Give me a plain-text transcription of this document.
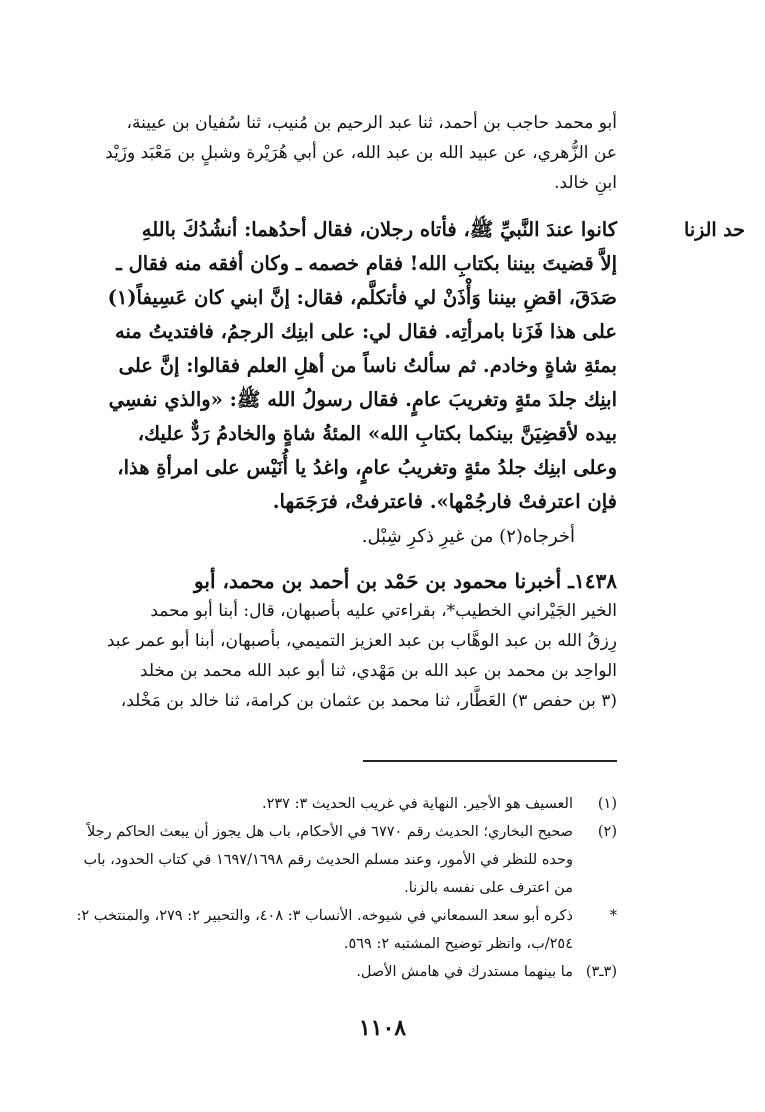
حد الزنا

أبو محمد حاجب بن أحمد، ثنا عبد الرحيم بن مُنيب، ثنا سُفيان بن عيينة،

عن الزُّهري، عن عبيد الله بن عبد الله، عن أبي هُرَيْرة وشبلٍ بن مَعْبَد وزَيْد

ابنِ خالد.

كانوا عندَ النَّبيِّ ﷺ، فأتاه رجلان، فقال أحدُهما: أنشُدُكَ باللهِ

إلاَّ قضيتَ بيننا بكتابِ الله! فقام خصمه ـ وكان أفقه منه فقال ـ

صَدَقَ، اقضِ بيننا وَأْذَنْ لي فأتكلَّم، فقال: إنَّ ابني كان عَسِيفاً(١)

على هذا فَزَنا بامرأتِه. فقال لي: على ابنِك الرجمُ، فافتديتُ منه

بمئةِ شاةٍ وخادم. ثم سألتُ ناساً من أهلِ العلم فقالوا: إنَّ على

ابنِك جلدَ مئةٍ وتغريبَ عامٍ. فقال رسولُ الله ﷺ: «والذي نفسِي

بيده لأقضِيَنَّ بينكما بكتابِ الله» المئةُ شاةٍ والخادمُ رَدٌّ عليك،

وعلى ابنِك جلدُ مئةٍ وتغريبُ عامٍ، واغدُ يا أُنَيْس على امرأةِ هذا،

فإن اعترفتْ فارجُمْها». فاعترفتْ، فرَجَمَها.

أخرجاه(٢) من غيرِ ذكرِ شِبْل.

١٤٣٨ـ أخبرنا محمود بن حَمْد بن أحمد بن محمد، أبو

الخير الجَيْراني الخطيب*، بقراءتي عليه بأصبهان، قال: أبنا أبو محمد

رِزقُ الله بن عبد الوهَّاب بن عبد العزيز التميمي، بأصبهان، أبنا أبو عمر عبد

الواحِد بن محمد بن عبد الله بن مَهْدي، ثنا أبو عبد الله محمد بن مخلد

(٣ بن حفص ٣) العَطَّار، ثنا محمد بن عثمان بن كرامة، ثنا خالد بن مَخْلد،

(١)
العسيف هو الأجير. النهاية في غريب الحديث ٣: ٢٣٧.

(٢)
صحيح البخاري؛ الحديث رقم ٦٧٧٠ في الأحكام، باب هل يجوز أن يبعث الحاكم رجلاً وحده للنظر في الأمور، وعند مسلم الحديث رقم ١٦٩٧/١٦٩٨ في كتاب الحدود، باب من اعترف على نفسه بالزنا.

*
ذكره أبو سعد السمعاني في شيوخه. الأنساب ٣: ٤٠٨، والتحبير ٢: ٢٧٩، والمنتخب ٢: ٢٥٤/ب، وانظر توضيح المشتبه ٢: ٥٦٩.

(٣ـ٣)
ما بينهما مستدرك في هامش الأصل.

١١٠٨
